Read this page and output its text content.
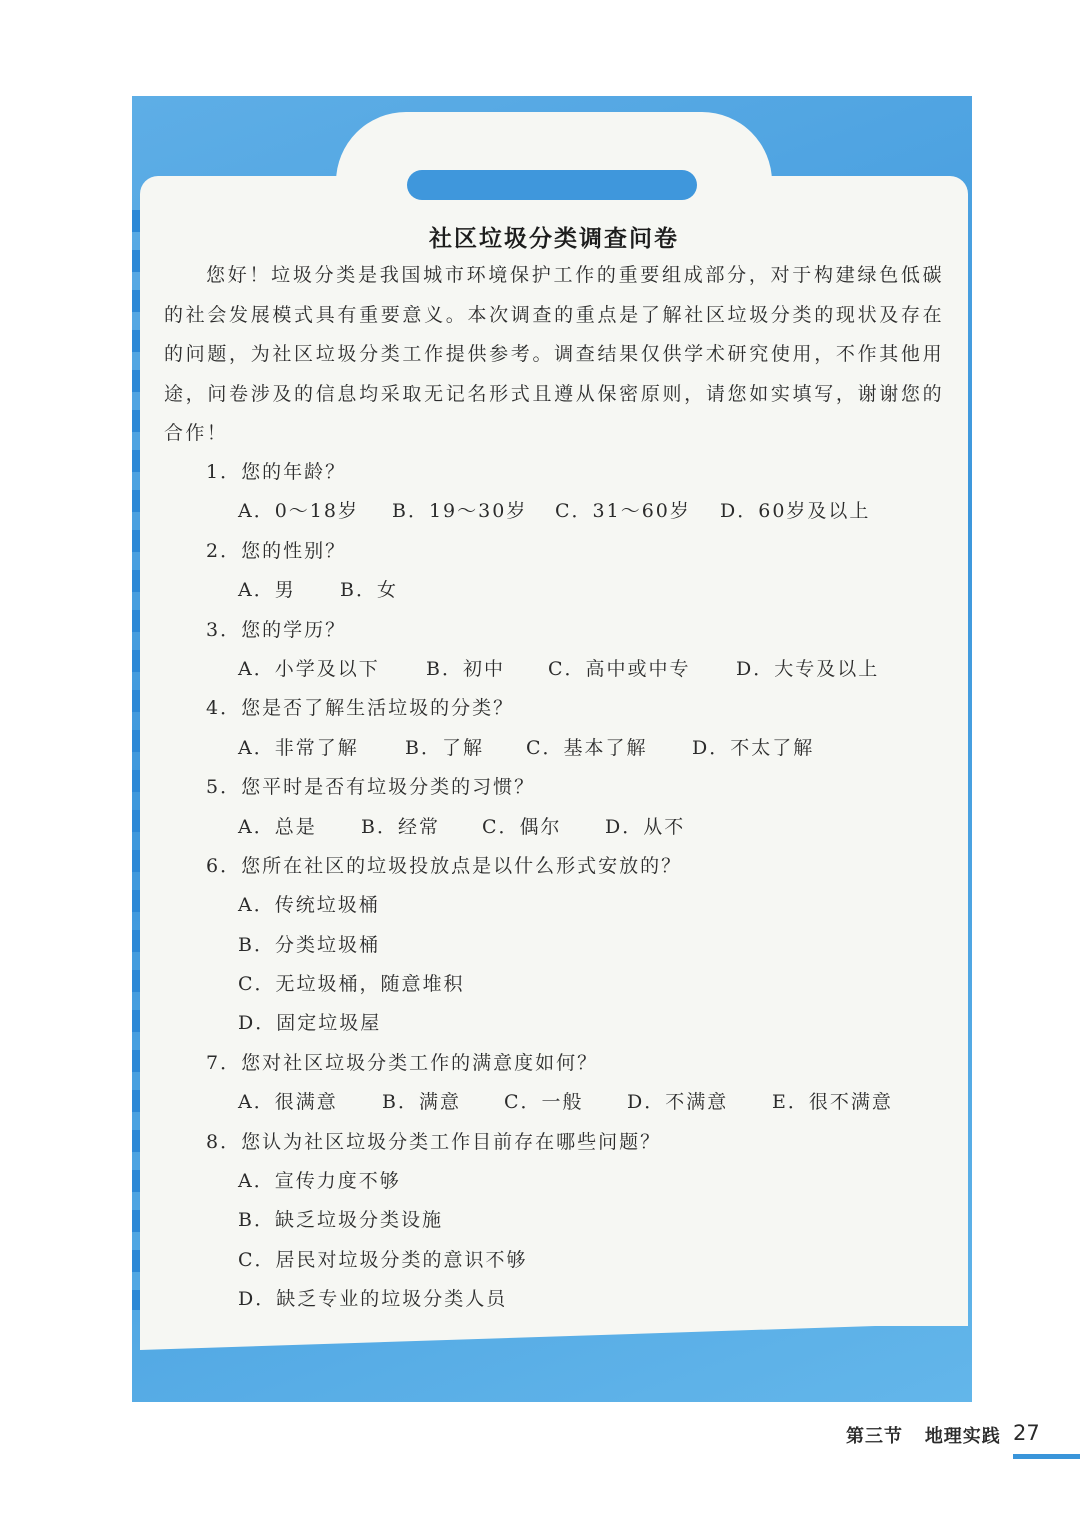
社区垃圾分类调查问卷
您好！垃圾分类是我国城市环境保护工作的重要组成部分，对于构建绿色低碳的社会发展模式具有重要意义。本次调查的重点是了解社区垃圾分类的现状及存在的问题，为社区垃圾分类工作提供参考。调查结果仅供学术研究使用，不作其他用途，问卷涉及的信息均采取无记名形式且遵从保密原则，请您如实填写，谢谢您的合作！
1．您的年龄？
A．0～18岁 B．19～30岁 C．31～60岁 D．60岁及以上
2．您的性别？
A．男 B．女
3．您的学历？
A．小学及以下 B．初中 C．高中或中专 D．大专及以上
4．您是否了解生活垃圾的分类？
A．非常了解 B．了解 C．基本了解 D．不太了解
5．您平时是否有垃圾分类的习惯？
A．总是 B．经常 C．偶尔 D．从不
6．您所在社区的垃圾投放点是以什么形式安放的？
A．传统垃圾桶
B．分类垃圾桶
C．无垃圾桶，随意堆积
D．固定垃圾屋
7．您对社区垃圾分类工作的满意度如何？
A．很满意 B．满意 C．一般 D．不满意 E．很不满意
8．您认为社区垃圾分类工作目前存在哪些问题？
A．宣传力度不够
B．缺乏垃圾分类设施
C．居民对垃圾分类的意识不够
D．缺乏专业的垃圾分类人员
第三节 地理实践 27
